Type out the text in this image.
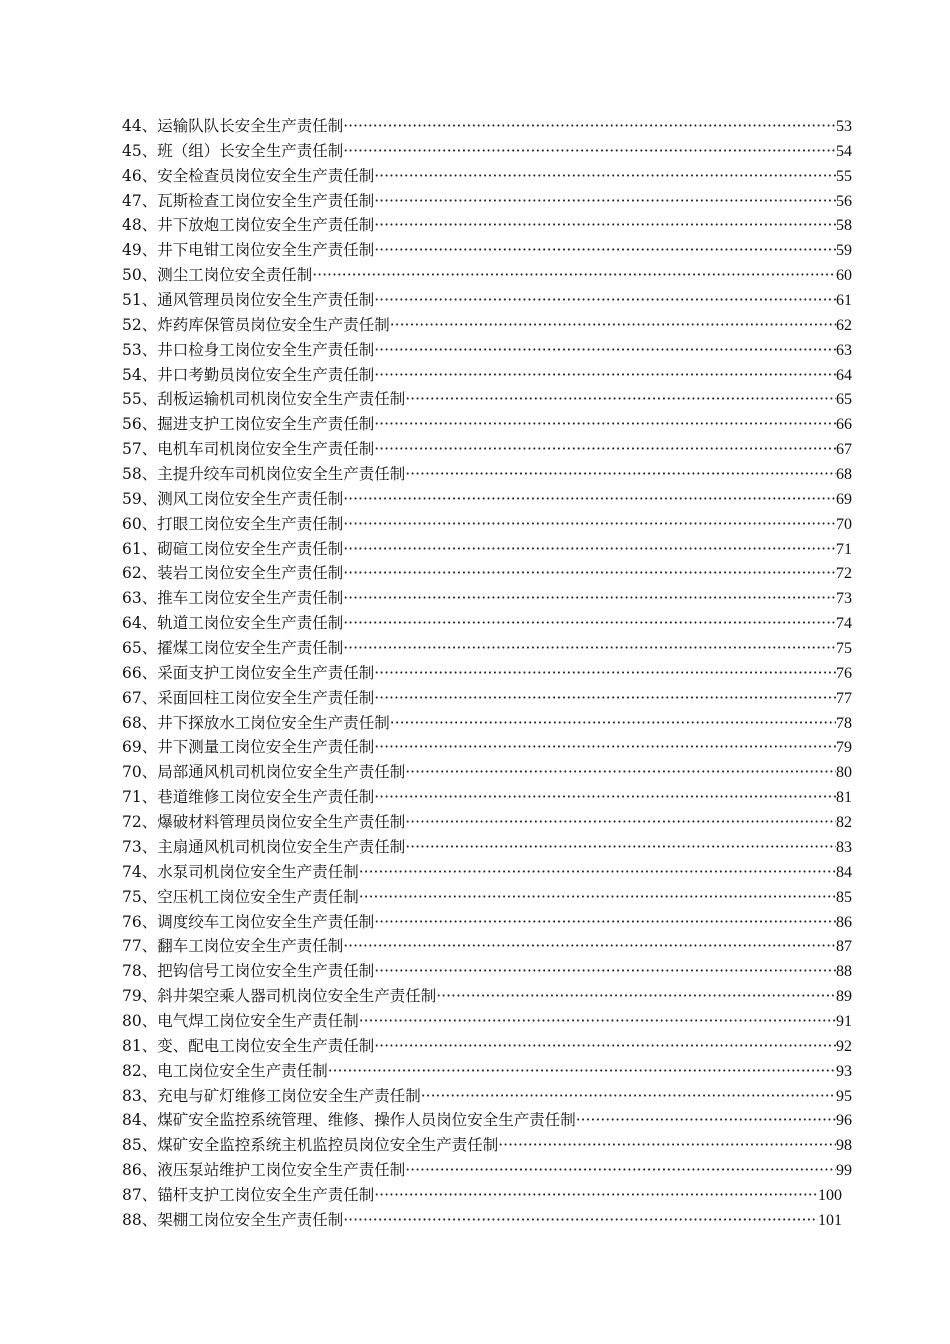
44、运输队队长安全生产责任制 ·····	53
45、班（组）长安全生产责任制 ·····	54
46、安全检查员岗位安全生产责任制 ·····	55
47、瓦斯检查工岗位安全生产责任制 ·····	56
48、井下放炮工岗位安全生产责任制 ·····	58
49、井下电钳工岗位安全生产责任制 ·····	59
50、测尘工岗位安全责任制 ·····	60
51、通风管理员岗位安全生产责任制 ·····	61
52、炸药库保管员岗位安全生产责任制 ·····	62
53、井口检身工岗位安全生产责任制 ·····	63
54、井口考勤员岗位安全生产责任制 ·····	64
55、刮板运输机司机岗位安全生产责任制 ·····	65
56、掘进支护工岗位安全生产责任制 ·····	66
57、电机车司机岗位安全生产责任制 ·····	67
58、主提升绞车司机岗位安全生产责任制 ·····	68
59、测风工岗位安全生产责任制 ·····	69
60、打眼工岗位安全生产责任制 ·····	70
61、砌碹工岗位安全生产责任制 ·····	71
62、装岩工岗位安全生产责任制 ·····	72
63、推车工岗位安全生产责任制 ·····	73
64、轨道工岗位安全生产责任制 ·····	74
65、攉煤工岗位安全生产责任制 ·····	75
66、采面支护工岗位安全生产责任制 ·····	76
67、采面回柱工岗位安全生产责任制 ·····	77
68、井下探放水工岗位安全生产责任制 ·····	78
69、井下测量工岗位安全生产责任制 ·····	79
70、局部通风机司机岗位安全生产责任制 ·····	80
71、巷道维修工岗位安全生产责任制 ·····	81
72、爆破材料管理员岗位安全生产责任制 ·····	82
73、主扇通风机司机岗位安全生产责任制 ·····	83
74、水泵司机岗位安全生产责任制 ·····	84
75、空压机工岗位安全生产责任制 ·····	85
76、调度绞车工岗位安全生产责任制 ·····	86
77、翻车工岗位安全生产责任制 ·····	87
78、把钩信号工岗位安全生产责任制 ·····	88
79、斜井架空乘人器司机岗位安全生产责任制 ·····	89
80、电气焊工岗位安全生产责任制 ·····	91
81、变、配电工岗位安全生产责任制 ·····	92
82、电工岗位安全生产责任制 ·····	93
83、充电与矿灯维修工岗位安全生产责任制 ·····	95
84、煤矿安全监控系统管理、维修、操作人员岗位安全生产责任制 ·····	96
85、煤矿安全监控系统主机监控员岗位安全生产责任制 ·····	98
86、液压泵站维护工岗位安全生产责任制 ·····	99
87、锚杆支护工岗位安全生产责任制 ·····	100
88、架棚工岗位安全生产责任制 ·····	101
